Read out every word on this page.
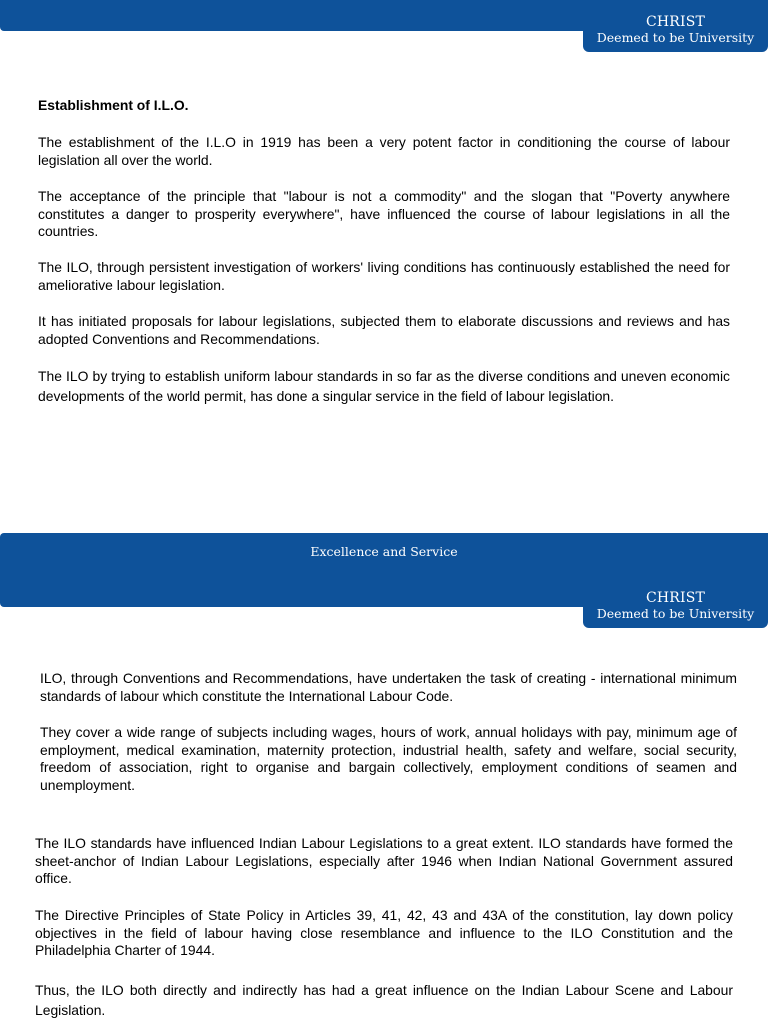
CHRIST
Deemed to be University

Establishment of I.L.O.

The establishment of the I.L.O in 1919 has been a very potent factor in conditioning the course of labour legislation all over the world.

The acceptance of the principle that "labour is not a commodity" and the slogan that "Poverty anywhere constitutes a danger to prosperity everywhere", have influenced the course of labour legislations in all the countries.

The ILO, through persistent investigation of workers' living conditions has continuously established the need for ameliorative labour legislation.

It has initiated proposals for labour legislations, subjected them to elaborate discussions and reviews and has adopted Conventions and Recommendations.

The ILO by trying to establish uniform labour standards in so far as the diverse conditions and uneven economic developments of the world permit, has done a singular service in the field of labour legislation.

Excellence and Service
CHRIST
Deemed to be University

ILO, through Conventions and Recommendations, have undertaken the task of creating - international minimum standards of labour which constitute the International Labour Code.

They cover a wide range of subjects including wages, hours of work, annual holidays with pay, minimum age of employment, medical examination, maternity protection, industrial health, safety and welfare, social security, freedom of association, right to organise and bargain collectively, employment conditions of seamen and unemployment.

The ILO standards have influenced Indian Labour Legislations to a great extent. ILO standards have formed the sheet-anchor of Indian Labour Legislations, especially after 1946 when Indian National Government assured office.

The Directive Principles of State Policy in Articles 39, 41, 42, 43 and 43A of the constitution, lay down policy objectives in the field of labour having close resemblance and influence to the ILO Constitution and the Philadelphia Charter of 1944.

Thus, the ILO both directly and indirectly has had a great influence on the Indian Labour Scene and Labour Legislation.
